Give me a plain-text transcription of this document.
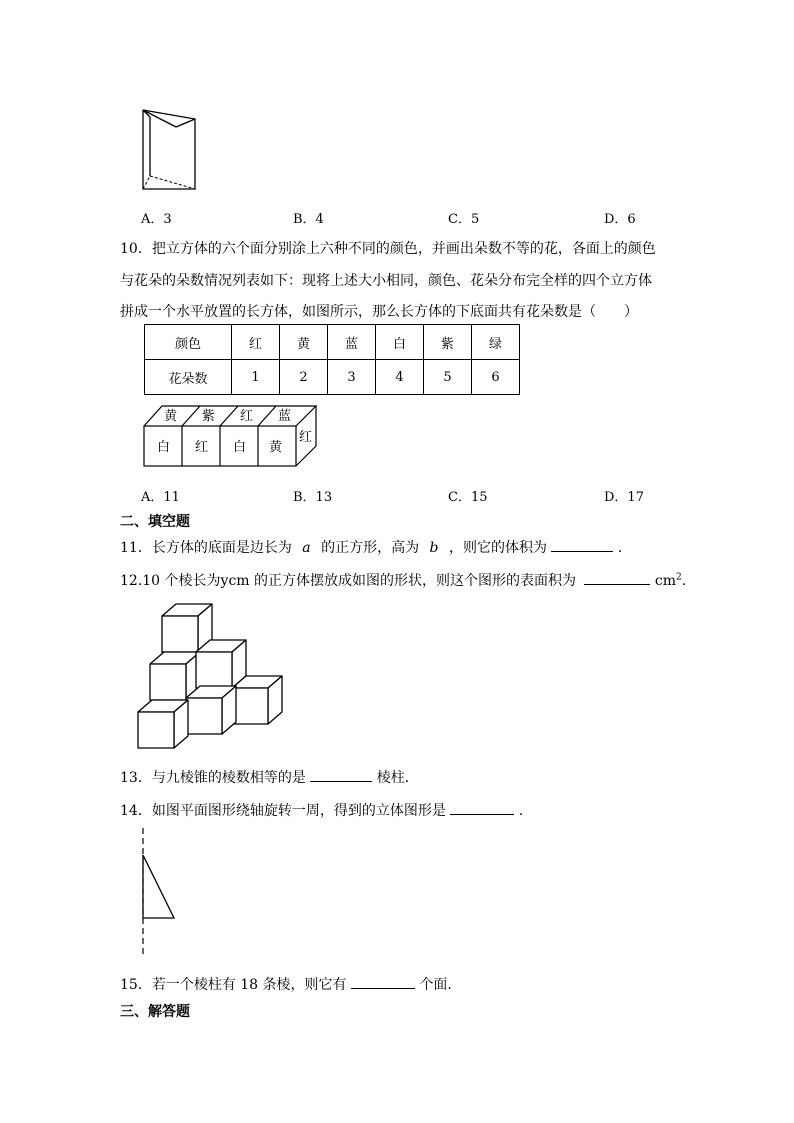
A．3	B．4	C．5	D．6
10．把立方体的六个面分别涂上六种不同的颜色，并画出朵数不等的花，各面上的颜色
与花朵的朵数情况列表如下：现将上述大小相同，颜色、花朵分布完全样的四个立方体
拼成一个水平放置的长方体，如图所示，那么长方体的下底面共有花朵数是（　　）
颜色	红	黄	蓝	白	紫	绿
花朵数	1	2	3	4	5	6
黄 紫 红 蓝
白 红 白 黄
红
A．11	B．13	C．15	D．17
二、填空题
11．长方体的底面是边长为 a 的正方形，高为 b ，则它的体积为	.
12.10 个棱长为ycm 的正方体摆放成如图的形状，则这个图形的表面积为	$cm^2$.
13．与九棱锥的棱数相等的是	棱柱．
14．如图平面图形绕轴旋转一周，得到的立体图形是	.
15．若一个棱柱有 18 条棱，则它有	个面.
三、解答题
